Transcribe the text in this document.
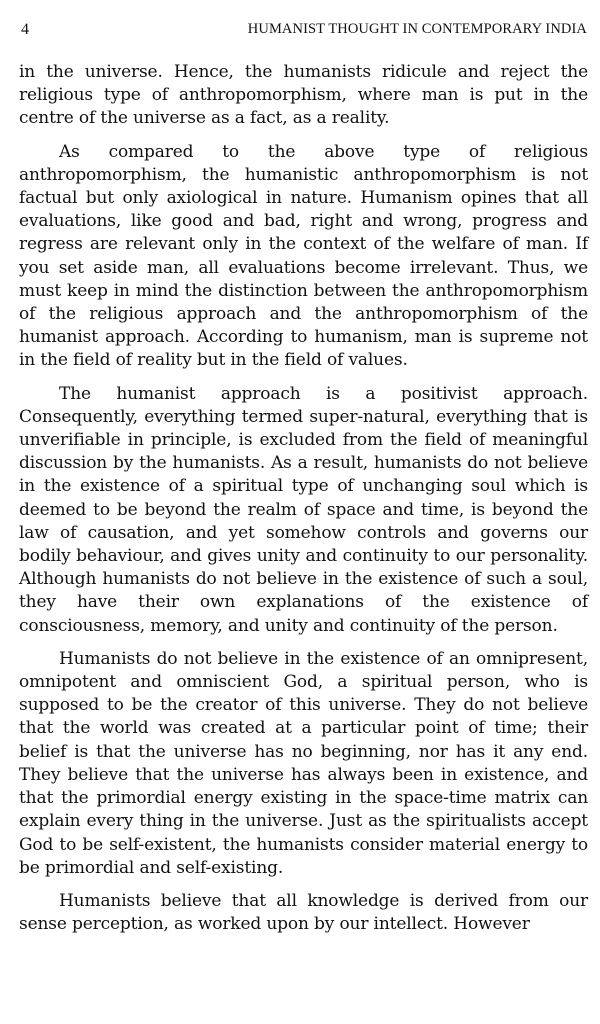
4	HUMANIST THOUGHT IN CONTEMPORARY INDIA

in the universe. Hence, the humanists ridicule and reject the religious type of anthropomorphism, where man is put in the centre of the universe as a fact, as a reality.

As compared to the above type of religious anthropomorphism, the humanistic anthropomorphism is not factual but only axiological in nature. Humanism opines that all evaluations, like good and bad, right and wrong, progress and regress are relevant only in the context of the welfare of man. If you set aside man, all evaluations become irrelevant. Thus, we must keep in mind the distinction between the anthropomorphism of the religious approach and the anthropomorphism of the humanist approach. According to humanism, man is supreme not in the field of reality but in the field of values.

The humanist approach is a positivist approach. Consequently, everything termed super-natural, everything that is unverifiable in principle, is excluded from the field of meaningful discussion by the humanists. As a result, humanists do not believe in the existence of a spiritual type of unchanging soul which is deemed to be beyond the realm of space and time, is beyond the law of causation, and yet somehow controls and governs our bodily behaviour, and gives unity and continuity to our personality. Although humanists do not believe in the existence of such a soul, they have their own explanations of the existence of consciousness, memory, and unity and continuity of the person.

Humanists do not believe in the existence of an omnipresent, omnipotent and omniscient God, a spiritual person, who is supposed to be the creator of this universe. They do not believe that the world was created at a particular point of time; their belief is that the universe has no beginning, nor has it any end. They believe that the universe has always been in existence, and that the primordial energy existing in the space-time matrix can explain every thing in the universe. Just as the spiritualists accept God to be self-existent, the humanists consider material energy to be primordial and self-existing.

Humanists believe that all knowledge is derived from our sense perception, as worked upon by our intellect. However
